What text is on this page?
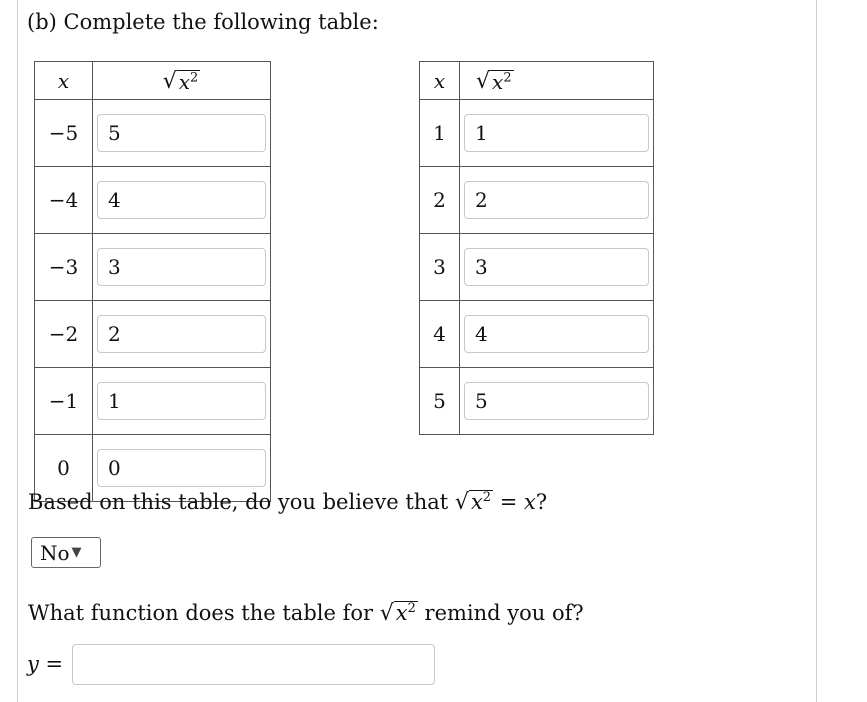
(b) Complete the following table:
x	√ $x^2$

−5	5

−4	4

−3	3

−2	2

−1	1

0	0
x	√ $x^2$

1	1

2	2

3	3

4	4

5	5
Based on this table, do you believe that √ $x^2 = x$?
No ▼
What function does the table for √ $x^2$ remind you of?
y =
